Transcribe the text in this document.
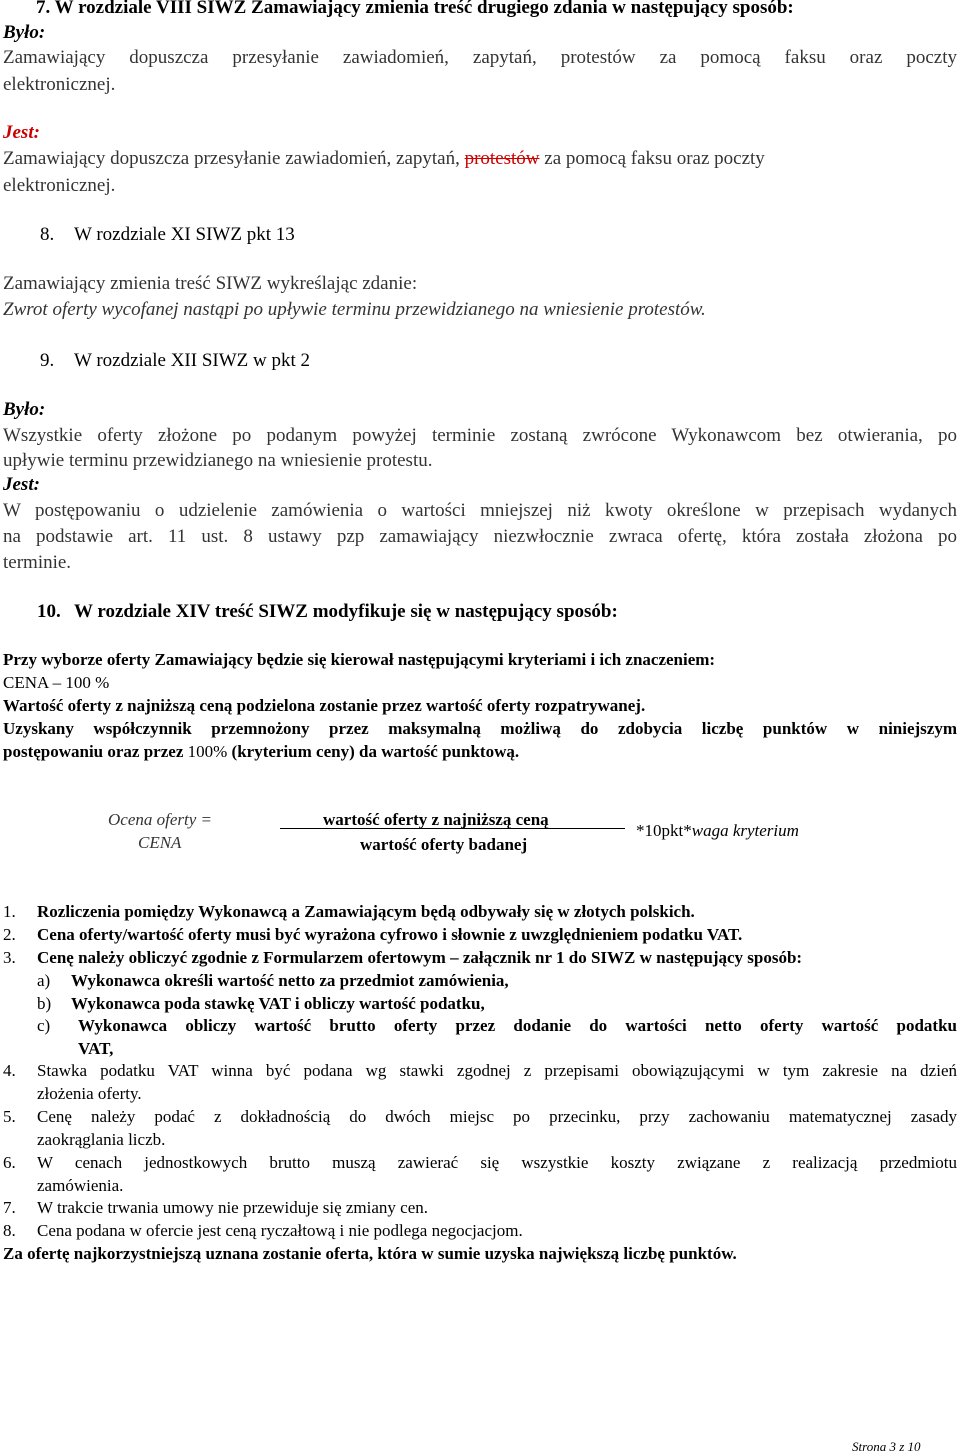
7. W rozdziale VIII SIWZ Zamawiający zmienia treść drugiego zdania w następujący sposób:
Było:
Zamawiający dopuszcza przesyłanie zawiadomień, zapytań, protestów za pomocą faksu oraz poczty
elektronicznej.
Jest:
Zamawiający dopuszcza przesyłanie zawiadomień, zapytań, protestów za pomocą faksu oraz poczty
elektronicznej.
8. W rozdziale XI SIWZ pkt 13
Zamawiający zmienia treść SIWZ wykreślając zdanie:
Zwrot oferty wycofanej nastąpi po upływie terminu przewidzianego na wniesienie protestów.
9. W rozdziale XII SIWZ w pkt 2
Było:
Wszystkie oferty złożone po podanym powyżej terminie zostaną zwrócone Wykonawcom bez otwierania, po
upływie terminu przewidzianego na wniesienie protestu.
Jest:
W postępowaniu o udzielenie zamówienia o wartości mniejszej niż kwoty określone w przepisach wydanych
na podstawie art. 11 ust. 8 ustawy pzp zamawiający niezwłocznie zwraca ofertę, która została złożona po
terminie.
10. W rozdziale XIV treść SIWZ modyfikuje się w następujący sposób:
Przy wyborze oferty Zamawiający będzie się kierował następującymi kryteriami i ich znaczeniem:
CENA – 100 %
Wartość oferty z najniższą ceną podzielona zostanie przez wartość oferty rozpatrywanej.
Uzyskany współczynnik przemnożony przez maksymalną możliwą do zdobycia liczbę punktów w niniejszym
postępowaniu oraz przez 100% (kryterium ceny) da wartość punktową.
Ocena oferty =
CENA
wartość oferty z najniższą ceną
wartość oferty badanej
*10pkt*waga kryterium
1. Rozliczenia pomiędzy Wykonawcą a Zamawiającym będą odbywały się w złotych polskich.
2. Cena oferty/wartość oferty musi być wyrażona cyfrowo i słownie z uwzględnieniem podatku VAT.
3. Cenę należy obliczyć zgodnie z Formularzem ofertowym – załącznik nr 1 do SIWZ w następujący sposób:
a) Wykonawca określi wartość netto za przedmiot zamówienia,
b) Wykonawca poda stawkę VAT i obliczy wartość podatku,
c) Wykonawca obliczy wartość brutto oferty przez dodanie do wartości netto oferty wartość podatku
VAT,
4. Stawka podatku VAT winna być podana wg stawki zgodnej z przepisami obowiązującymi w tym zakresie na dzień
złożenia oferty.
5. Cenę należy podać z dokładnością do dwóch miejsc po przecinku, przy zachowaniu matematycznej zasady
zaokrąglania liczb.
6. W cenach jednostkowych brutto muszą zawierać się wszystkie koszty związane z realizacją przedmiotu
zamówienia.
7. W trakcie trwania umowy nie przewiduje się zmiany cen.
8. Cena podana w ofercie jest ceną ryczałtową i nie podlega negocjacjom.
Za ofertę najkorzystniejszą uznana zostanie oferta, która w sumie uzyska największą liczbę punktów.
Strona 3 z 10
